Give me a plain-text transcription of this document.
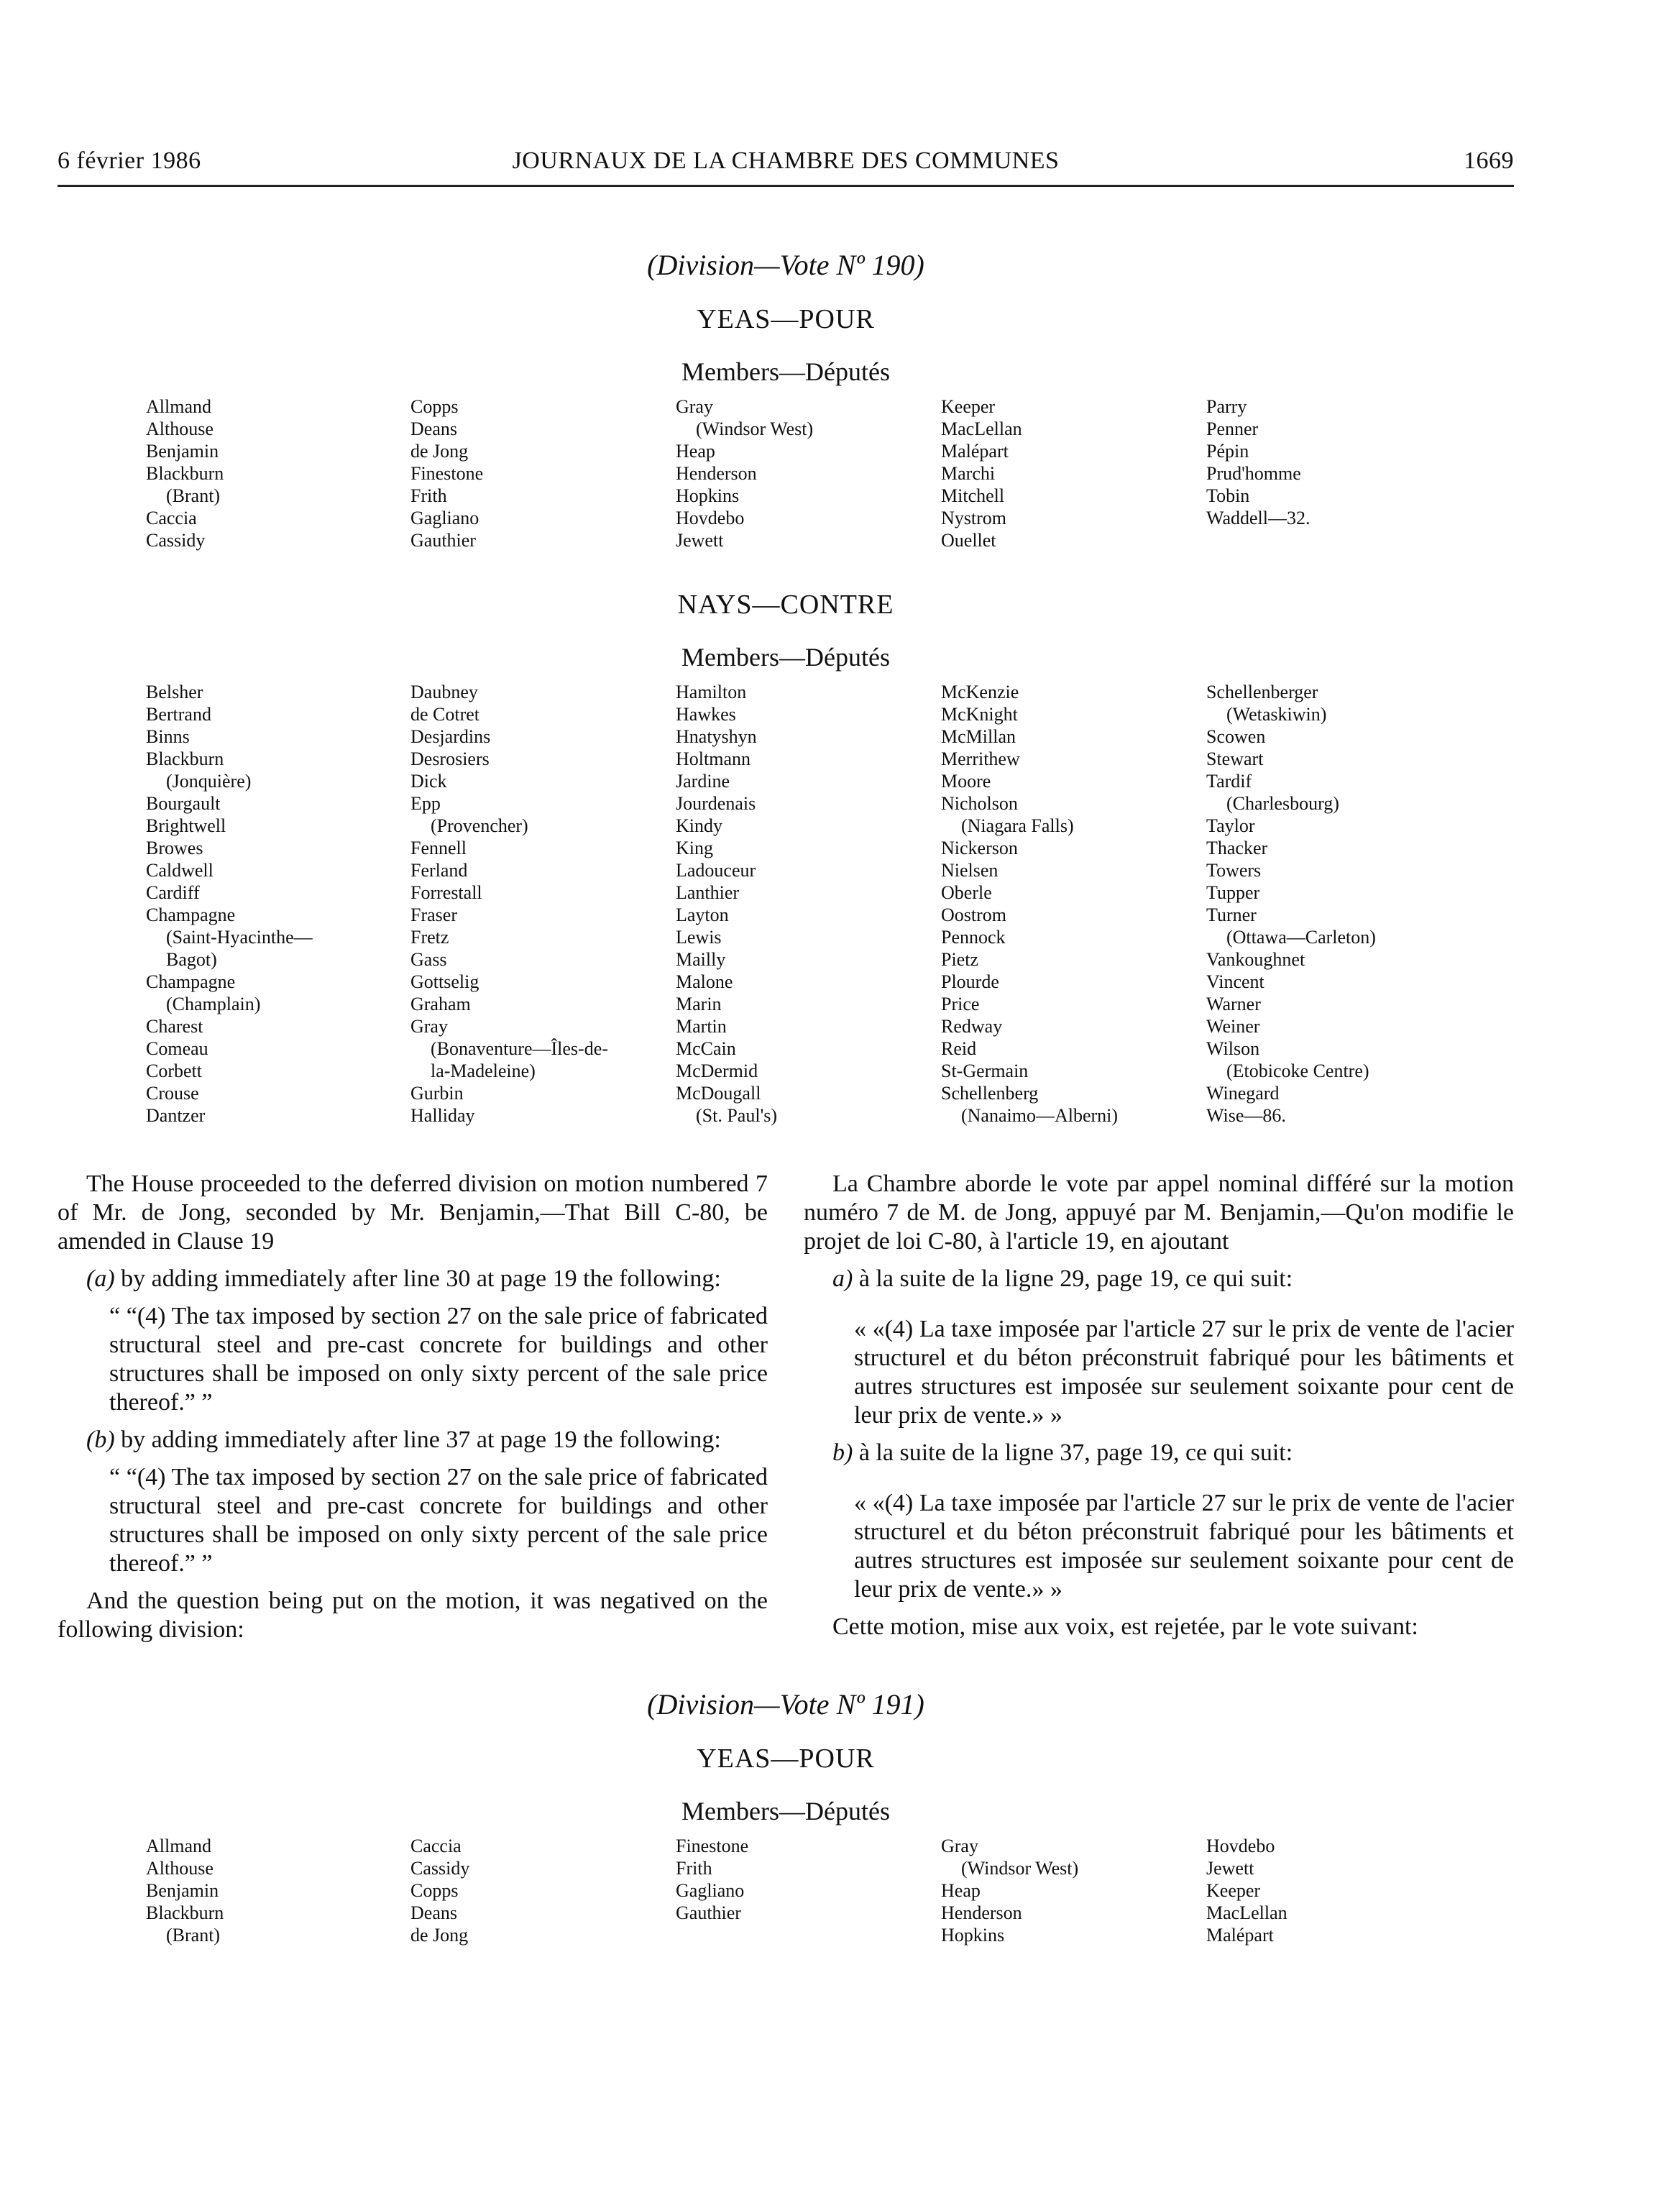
6 février 1986	JOURNAUX DE LA CHAMBRE DES COMMUNES	1669
(Division—Vote Nº 190)
YEAS—POUR
Members—Députés
Allmand
Althouse
Benjamin
Blackburn
(Brant)
Caccia
Cassidy
Copps
Deans
de Jong
Finestone
Frith
Gagliano
Gauthier
Gray
(Windsor West)
Heap
Henderson
Hopkins
Hovdebo
Jewett
Keeper
MacLellan
Malépart
Marchi
Mitchell
Nystrom
Ouellet
Parry
Penner
Pépin
Prud'homme
Tobin
Waddell—32.
NAYS—CONTRE
Members—Députés
Belsher
Bertrand
Binns
Blackburn
(Jonquière)
Bourgault
Brightwell
Browes
Caldwell
Cardiff
Champagne
(Saint-Hyacinthe—
Bagot)
Champagne
(Champlain)
Charest
Comeau
Corbett
Crouse
Dantzer
Daubney
de Cotret
Desjardins
Desrosiers
Dick
Epp
(Provencher)
Fennell
Ferland
Forrestall
Fraser
Fretz
Gass
Gottselig
Graham
Gray
(Bonaventure—Îles-de-
la-Madeleine)
Gurbin
Halliday
Hamilton
Hawkes
Hnatyshyn
Holtmann
Jardine
Jourdenais
Kindy
King
Ladouceur
Lanthier
Layton
Lewis
Mailly
Malone
Marin
Martin
McCain
McDermid
McDougall
(St. Paul's)
McKenzie
McKnight
McMillan
Merrithew
Moore
Nicholson
(Niagara Falls)
Nickerson
Nielsen
Oberle
Oostrom
Pennock
Pietz
Plourde
Price
Redway
Reid
St-Germain
Schellenberg
(Nanaimo—Alberni)
Schellenberger
(Wetaskiwin)
Scowen
Stewart
Tardif
(Charlesbourg)
Taylor
Thacker
Towers
Tupper
Turner
(Ottawa—Carleton)
Vankoughnet
Vincent
Warner
Weiner
Wilson
(Etobicoke Centre)
Winegard
Wise—86.

The House proceeded to the deferred division on motion numbered 7 of Mr. de Jong, seconded by Mr. Benjamin,—That Bill C-80, be amended in Clause 19

(a) by adding immediately after line 30 at page 19 the following:

“ “(4) The tax imposed by section 27 on the sale price of fabricated structural steel and pre-cast concrete for buildings and other structures shall be imposed on only sixty percent of the sale price thereof.” ”

(b) by adding immediately after line 37 at page 19 the following:

“ “(4) The tax imposed by section 27 on the sale price of fabricated structural steel and pre-cast concrete for buildings and other structures shall be imposed on only sixty percent of the sale price thereof.” ”

And the question being put on the motion, it was negatived on the following division:

La Chambre aborde le vote par appel nominal différé sur la motion numéro 7 de M. de Jong, appuyé par M. Benjamin,—Qu'on modifie le projet de loi C-80, à l'article 19, en ajoutant

a) à la suite de la ligne 29, page 19, ce qui suit:

« «(4) La taxe imposée par l'article 27 sur le prix de vente de l'acier structurel et du béton préconstruit fabriqué pour les bâtiments et autres structures est imposée sur seulement soixante pour cent de leur prix de vente.» »

b) à la suite de la ligne 37, page 19, ce qui suit:

« «(4) La taxe imposée par l'article 27 sur le prix de vente de l'acier structurel et du béton préconstruit fabriqué pour les bâtiments et autres structures est imposée sur seulement soixante pour cent de leur prix de vente.» »

Cette motion, mise aux voix, est rejetée, par le vote suivant:

(Division—Vote Nº 191)
YEAS—POUR
Members—Députés
Allmand
Althouse
Benjamin
Blackburn
(Brant)
Caccia
Cassidy
Copps
Deans
de Jong
Finestone
Frith
Gagliano
Gauthier
Gray
(Windsor West)
Heap
Henderson
Hopkins
Hovdebo
Jewett
Keeper
MacLellan
Malépart
